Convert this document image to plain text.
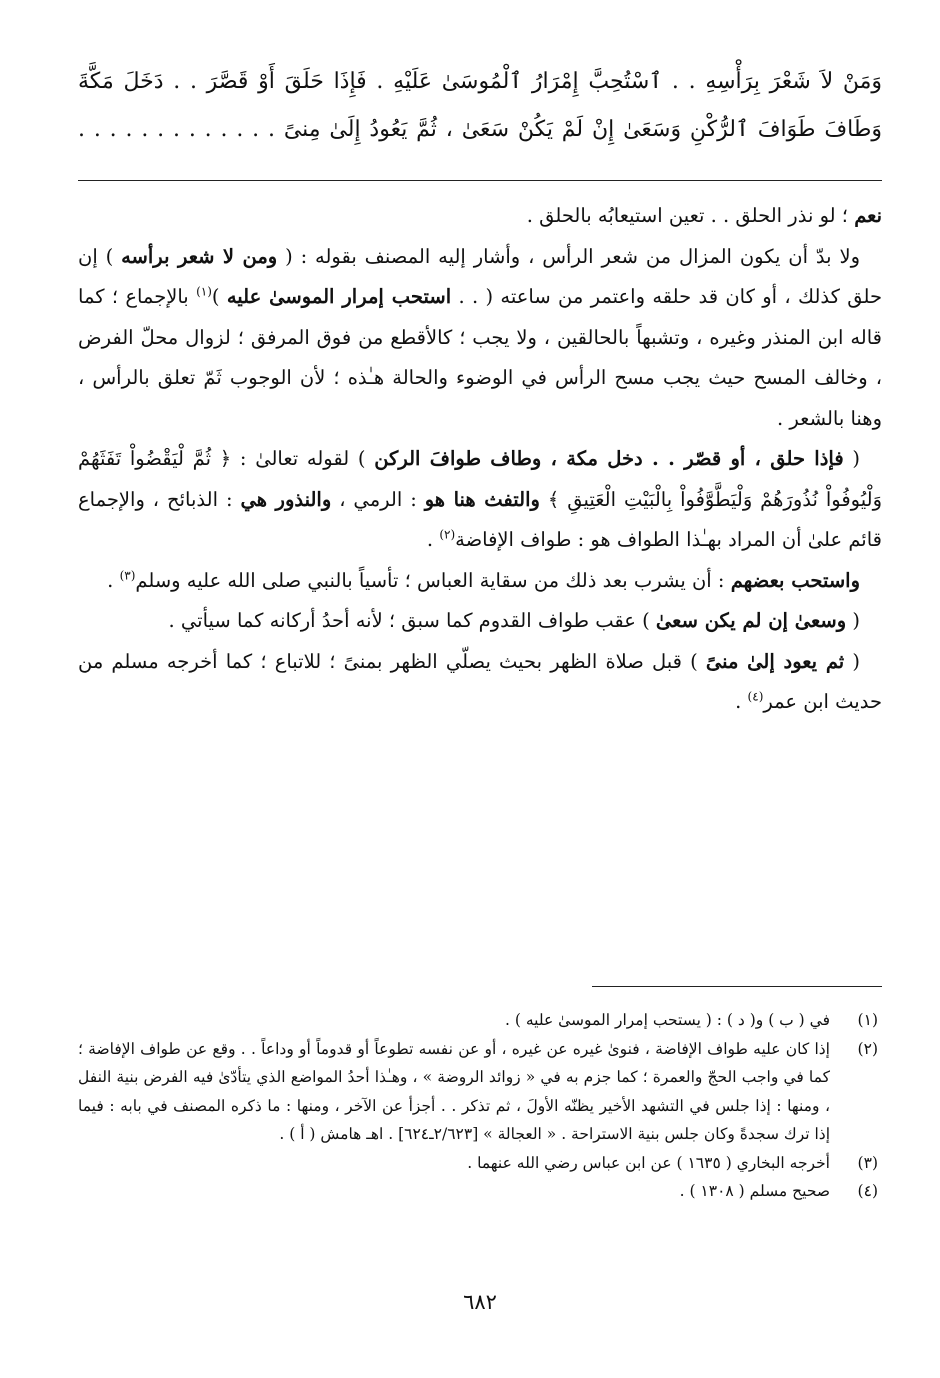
وَمَنْ لاَ شَعْرَ بِرَأْسِهِ . . ٱسْتُحِبَّ إِمْرَارُ ٱلْمُوسَىٰ عَلَيْهِ . فَإِذَا حَلَقَ أَوْ قَصَّرَ . . دَخَلَ مَكَّةَ
وَطَافَ طَوَافَ ٱلرُّكْنِ وَسَعَىٰ إِنْ لَمْ يَكُنْ سَعَىٰ ، ثُمَّ يَعُودُ إِلَىٰ مِنىً . . . . . . . . . . . . .

نعم ؛ لو نذر الحلق . . تعين استيعابُه بالحلق .

ولا بدّ أن يكون المزال من شعر الرأس ، وأشار إليه المصنف بقوله : ( ومن لا شعر برأسه ) إن حلق كذلك ، أو كان قد حلقه واعتمر من ساعته ( . . استحب إمرار الموسىٰ عليه )$^{(١)}$ بالإجماع ؛ كما قاله ابن المنذر وغيره ، وتشبهاً بالحالقين ، ولا يجب ؛ كالأقطع من فوق المرفق ؛ لزوال محلّ الفرض ، وخالف المسح حيث يجب مسح الرأس في الوضوء والحالة هـٰذه ؛ لأن الوجوب ثَمّ تعلق بالرأس ، وهنا بالشعر .

( فإذا حلق ، أو قصّر . . دخل مكة ، وطاف طوافَ الركن ) لقوله تعالىٰ : ﴿ ثُمَّ لْيَقْضُواْ تَفَثَهُمْ وَلْيُوفُواْ نُذُورَهُمْ وَلْيَطَّوَّفُواْ بِالْبَيْتِ الْعَتِيقِ ﴾ والتفث هنا هو : الرمي ، والنذور هي : الذبائح ، والإجماع قائم علىٰ أن المراد بهـٰذا الطواف هو : طواف الإفاضة$^{(٢)}$ .

واستحب بعضهم : أن يشرب بعد ذلك من سقاية العباس ؛ تأسياً بالنبي صلى الله عليه وسلم$^{(٣)}$ .

( وسعىٰ إن لم يكن سعىٰ ) عقب طواف القدوم كما سبق ؛ لأنه أحدُ أركانه كما سيأتي .

( ثم يعود إلىٰ منىً ) قبل صلاة الظهر بحيث يصلّي الظهر بمنىً ؛ للاتباع ؛ كما أخرجه مسلم من حديث ابن عمر$^{(٤)}$ .

(١)
في ( ب ) و( د ) : ( يستحب إمرار الموسىٰ عليه ) .
(٢)
إذا كان عليه طواف الإفاضة ، فنوىٰ غيره عن غيره ، أو عن نفسه تطوعاً أو قدوماً أو وداعاً . . وقع عن طواف الإفاضة ؛ كما في واجب الحجّ والعمرة ؛ كما جزم به في « زوائد الروضة » ، وهـٰذا أحدُ المواضع الذي يتأدّىٰ فيه الفرض بنية النفل ، ومنها : إذا جلس في التشهد الأخير يظنّه الأولَ ، ثم تذكر . . أجزأ عن الآخر ، ومنها : ما ذكره المصنف في بابه : فيما إذا ترك سجدةً وكان جلس بنية الاستراحة . « العجالة » [٢/٦٢٣ـ٦٢٤] . اهـ هامش ( أ ) .
(٣)
أخرجه البخاري ( ١٦٣٥ ) عن ابن عباس رضي الله عنهما .
(٤)
صحيح مسلم ( ١٣٠٨ ) .
٦٨٢
